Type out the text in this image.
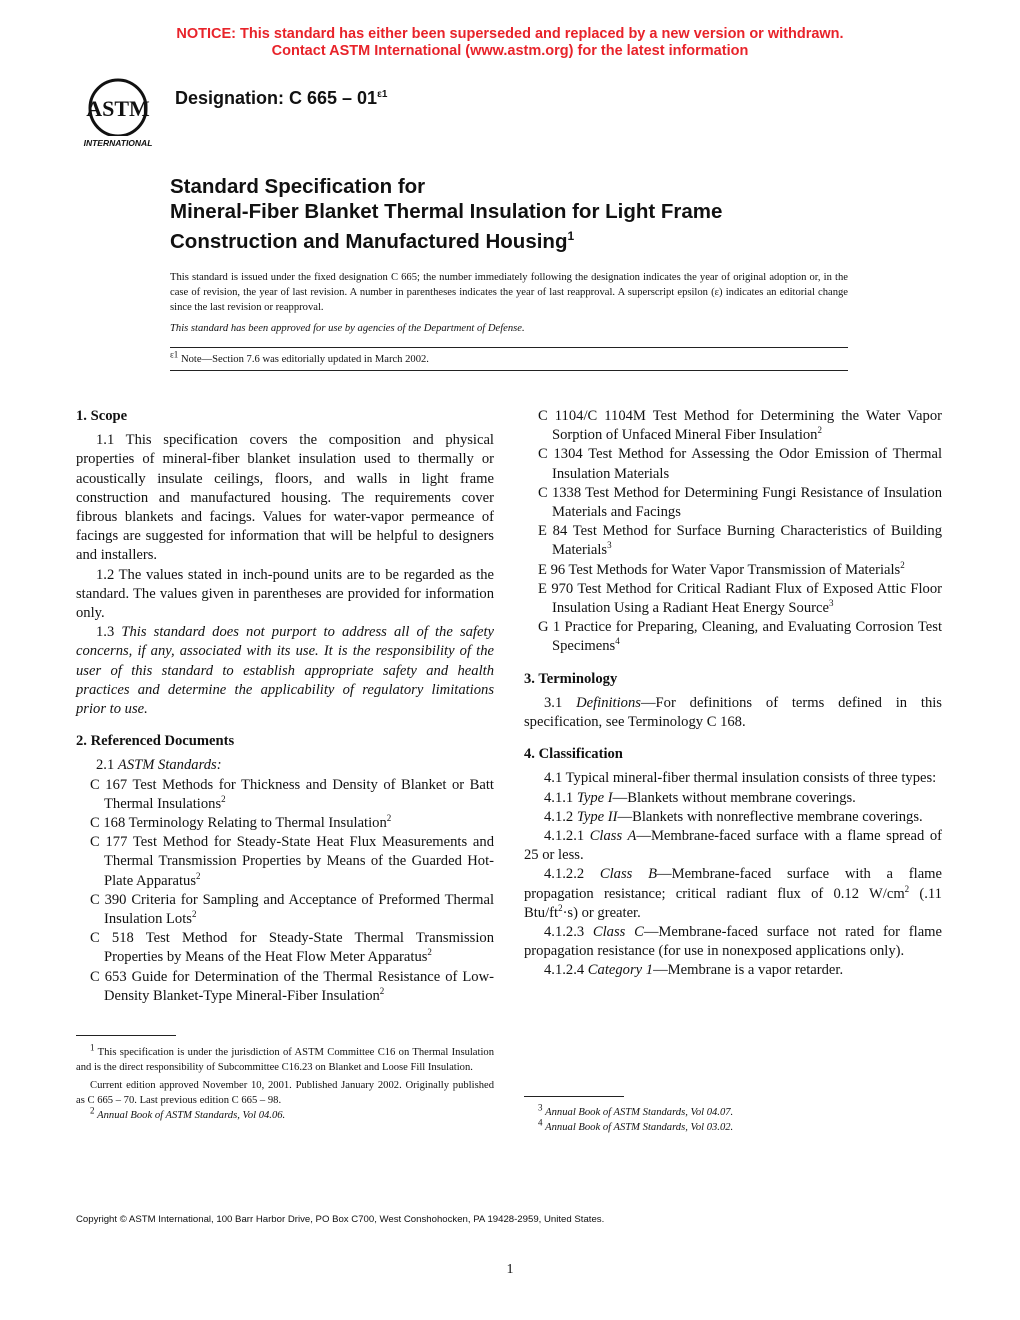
NOTICE: This standard has either been superseded and replaced by a new version or withdrawn.
Contact ASTM International (www.astm.org) for the latest information
ASTM
INTERNATIONAL
Designation: C $665 - 01^{\varepsilon 1}$
Standard Specification for
Mineral-Fiber Blanket Thermal Insulation for Light Frame
Construction and Manufactured Housing$^1$

This standard is issued under the fixed designation C 665; the number immediately following the designation indicates the year of original adoption or, in the case of revision, the year of last revision. A number in parentheses indicates the year of last reapproval. A superscript epsilon (ε) indicates an editorial change since the last revision or reapproval.

This standard has been approved for use by agencies of the Department of Defense.

$^{\varepsilon 1}$ Note—Section 7.6 was editorially updated in March 2002.

1. Scope

1.1 This specification covers the composition and physical properties of mineral-fiber blanket insulation used to thermally or acoustically insulate ceilings, floors, and walls in light frame construction and manufactured housing. The requirements cover fibrous blankets and facings. Values for water-vapor permeance of facings are suggested for information that will be helpful to designers and installers.

1.2 The values stated in inch-pound units are to be regarded as the standard. The values given in parentheses are provided for information only.

1.3 This standard does not purport to address all of the safety concerns, if any, associated with its use. It is the responsibility of the user of this standard to establish appropriate safety and health practices and determine the applicability of regulatory limitations prior to use.

2. Referenced Documents

2.1 ASTM Standards:

C 167 Test Methods for Thickness and Density of Blanket or Batt Thermal Insulations$^2$

C 168 Terminology Relating to Thermal Insulation$^2$

C 177 Test Method for Steady-State Heat Flux Measurements and Thermal Transmission Properties by Means of the Guarded Hot-Plate Apparatus$^2$

C 390 Criteria for Sampling and Acceptance of Preformed Thermal Insulation Lots$^2$

C 518 Test Method for Steady-State Thermal Transmission Properties by Means of the Heat Flow Meter Apparatus$^2$

C 653 Guide for Determination of the Thermal Resistance of Low-Density Blanket-Type Mineral-Fiber Insulation$^2$

$^1$ This specification is under the jurisdiction of ASTM Committee C16 on Thermal Insulation and is the direct responsibility of Subcommittee C16.23 on Blanket and Loose Fill Insulation.

Current edition approved November 10, 2001. Published January 2002. Originally published as C 665 – 70. Last previous edition C 665 – 98.

$^2$ Annual Book of ASTM Standards, Vol 04.06.

C 1104/C 1104M Test Method for Determining the Water Vapor Sorption of Unfaced Mineral Fiber Insulation$^2$

C 1304 Test Method for Assessing the Odor Emission of Thermal Insulation Materials

C 1338 Test Method for Determining Fungi Resistance of Insulation Materials and Facings

E 84 Test Method for Surface Burning Characteristics of Building Materials$^3$

E 96 Test Methods for Water Vapor Transmission of Materials$^2$

E 970 Test Method for Critical Radiant Flux of Exposed Attic Floor Insulation Using a Radiant Heat Energy Source$^3$

G 1 Practice for Preparing, Cleaning, and Evaluating Corrosion Test Specimens$^4$

3. Terminology

3.1 Definitions—For definitions of terms defined in this specification, see Terminology C 168.

4. Classification

4.1 Typical mineral-fiber thermal insulation consists of three types:

4.1.1 Type I—Blankets without membrane coverings.

4.1.2 Type II—Blankets with nonreflective membrane coverings.

4.1.2.1 Class A—Membrane-faced surface with a flame spread of 25 or less.

4.1.2.2 Class B—Membrane-faced surface with a flame propagation resistance; critical radiant flux of 0.12 $W/cm^2$ (.11 Btu/$ft^2\cdot s$) or greater.

4.1.2.3 Class C—Membrane-faced surface not rated for flame propagation resistance (for use in nonexposed applications only).

4.1.2.4 Category 1—Membrane is a vapor retarder.

$^3$ Annual Book of ASTM Standards, Vol 04.07.

$^4$ Annual Book of ASTM Standards, Vol 03.02.

Copyright © ASTM International, 100 Barr Harbor Drive, PO Box C700, West Conshohocken, PA 19428-2959, United States.
1
